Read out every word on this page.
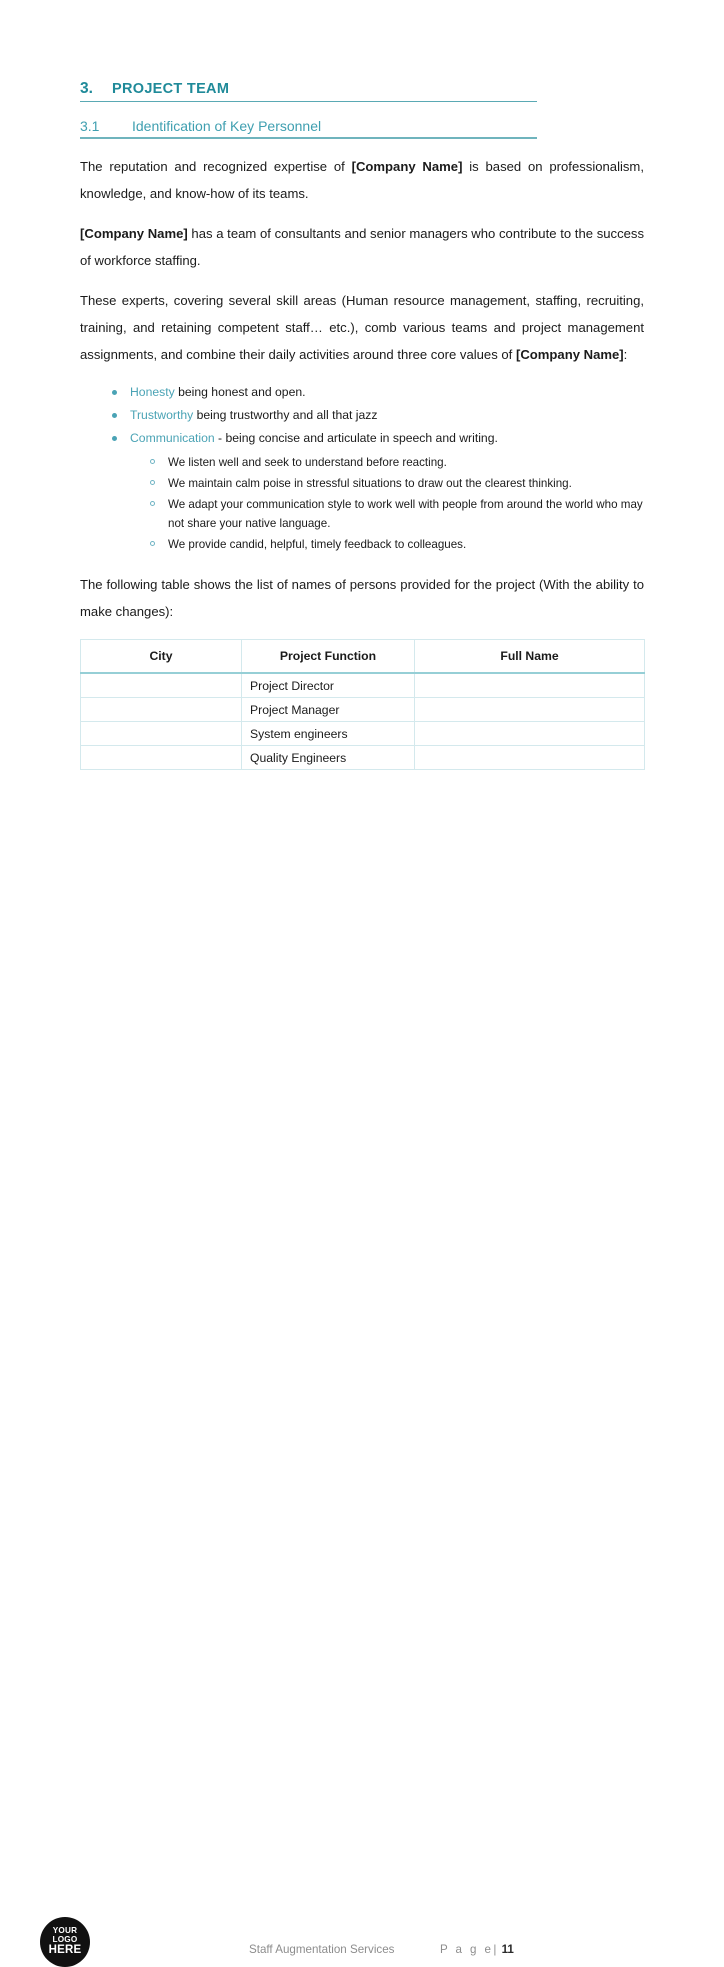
3.	PROJECT TEAM
3.1	Identification of Key Personnel

The reputation and recognized expertise of [Company Name] is based on professionalism, knowledge, and know-how of its teams.

[Company Name] has a team of consultants and senior managers who contribute to the success of workforce staffing.

These experts, covering several skill areas (Human resource management, staffing, recruiting, training, and retaining competent staff… etc.), comb various teams and project management assignments, and combine their daily activities around three core values of [Company Name]:

Honesty being honest and open.
Trustworthy being trustworthy and all that jazz
Communication - being concise and articulate in speech and writing.
We listen well and seek to understand before reacting.
We maintain calm poise in stressful situations to draw out the clearest thinking.
We adapt your communication style to work well with people from around the world who may not share your native language.
We provide candid, helpful, timely feedback to colleagues.

The following table shows the list of names of persons provided for the project (With the ability to make changes):

City	Project Function	Full Name
	Project Director	
	Project Manager	
	System engineers	
	Quality Engineers	
YOUR
LOGO
HERE	Staff Augmentation Services	P a g e| 11
